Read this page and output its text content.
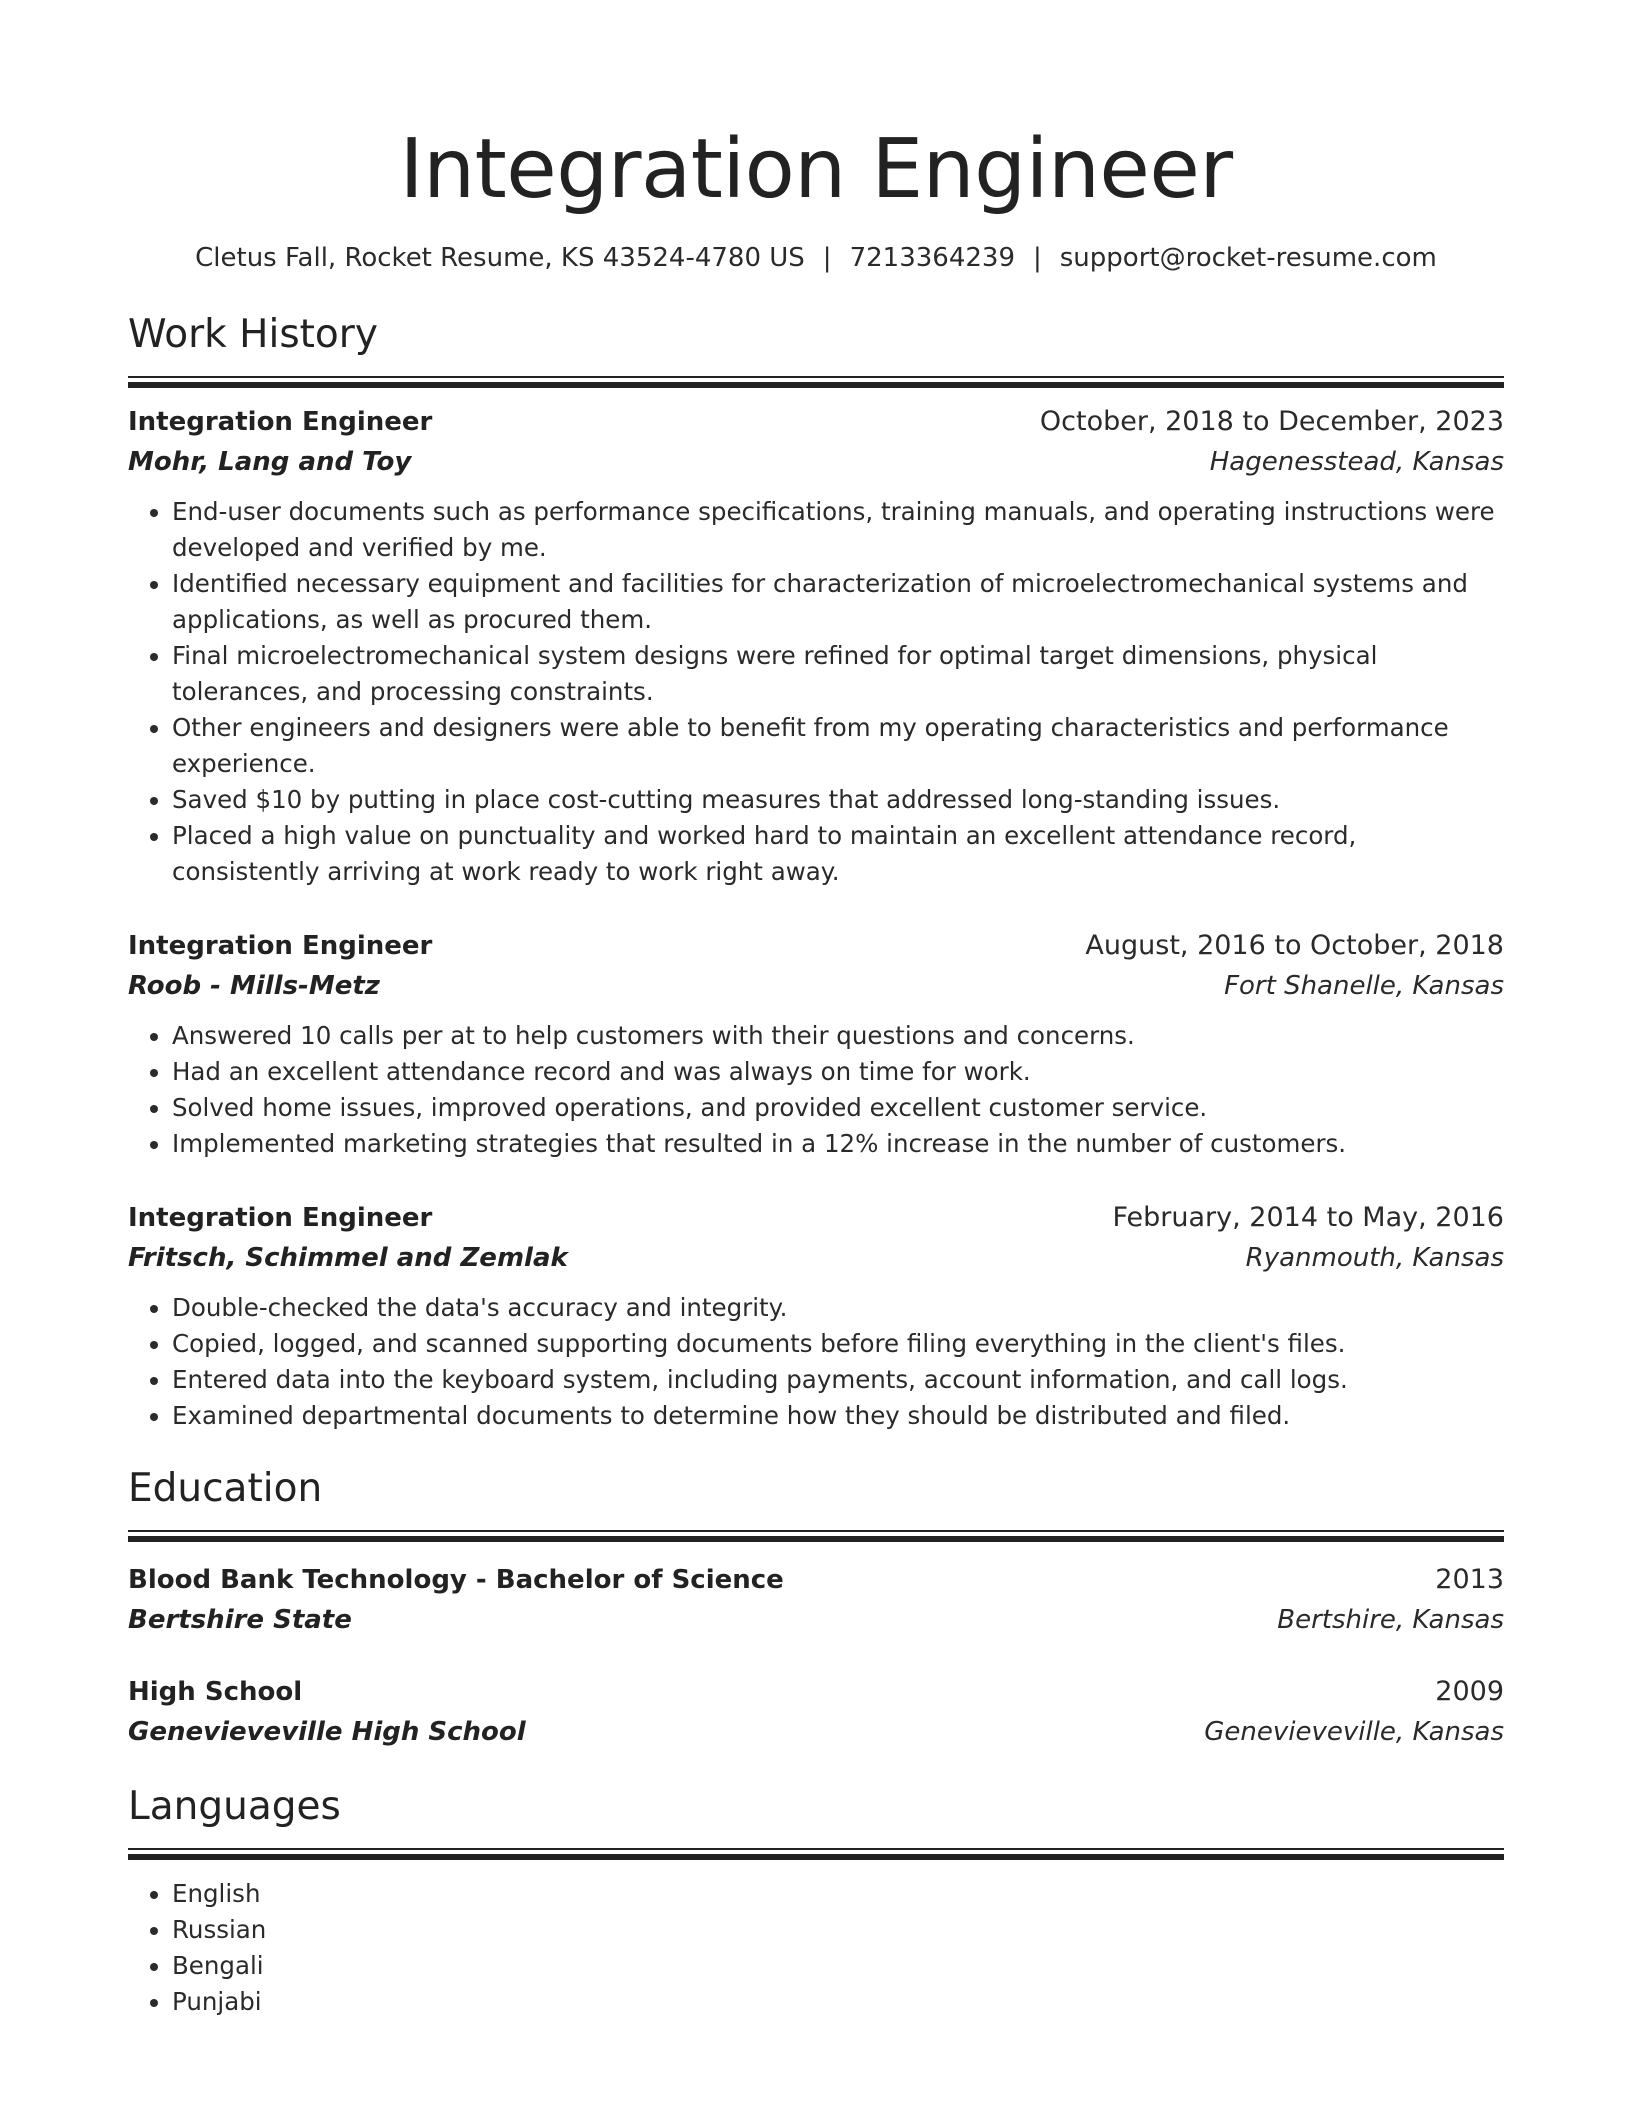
Integration Engineer
Cletus Fall, Rocket Resume, KS 43524-4780 US | 7213364239 | support@rocket-resume.com
Work History
Integration Engineer	October, 2018 to December, 2023
Mohr, Lang and Toy	Hagenesstead, Kansas
• End-user documents such as performance specifications, training manuals, and operating instructions were developed and verified by me.
• Identified necessary equipment and facilities for characterization of microelectromechanical systems and applications, as well as procured them.
• Final microelectromechanical system designs were refined for optimal target dimensions, physical tolerances, and processing constraints.
• Other engineers and designers were able to benefit from my operating characteristics and performance experience.
• Saved $10 by putting in place cost-cutting measures that addressed long-standing issues.
• Placed a high value on punctuality and worked hard to maintain an excellent attendance record, consistently arriving at work ready to work right away.
Integration Engineer	August, 2016 to October, 2018
Roob - Mills-Metz	Fort Shanelle, Kansas
• Answered 10 calls per at to help customers with their questions and concerns.
• Had an excellent attendance record and was always on time for work.
• Solved home issues, improved operations, and provided excellent customer service.
• Implemented marketing strategies that resulted in a 12% increase in the number of customers.
Integration Engineer	February, 2014 to May, 2016
Fritsch, Schimmel and Zemlak	Ryanmouth, Kansas
• Double-checked the data's accuracy and integrity.
• Copied, logged, and scanned supporting documents before filing everything in the client's files.
• Entered data into the keyboard system, including payments, account information, and call logs.
• Examined departmental documents to determine how they should be distributed and filed.
Education
Blood Bank Technology - Bachelor of Science	2013
Bertshire State	Bertshire, Kansas
High School	2009
Genevieveville High School	Genevieveville, Kansas
Languages
• English
• Russian
• Bengali
• Punjabi
